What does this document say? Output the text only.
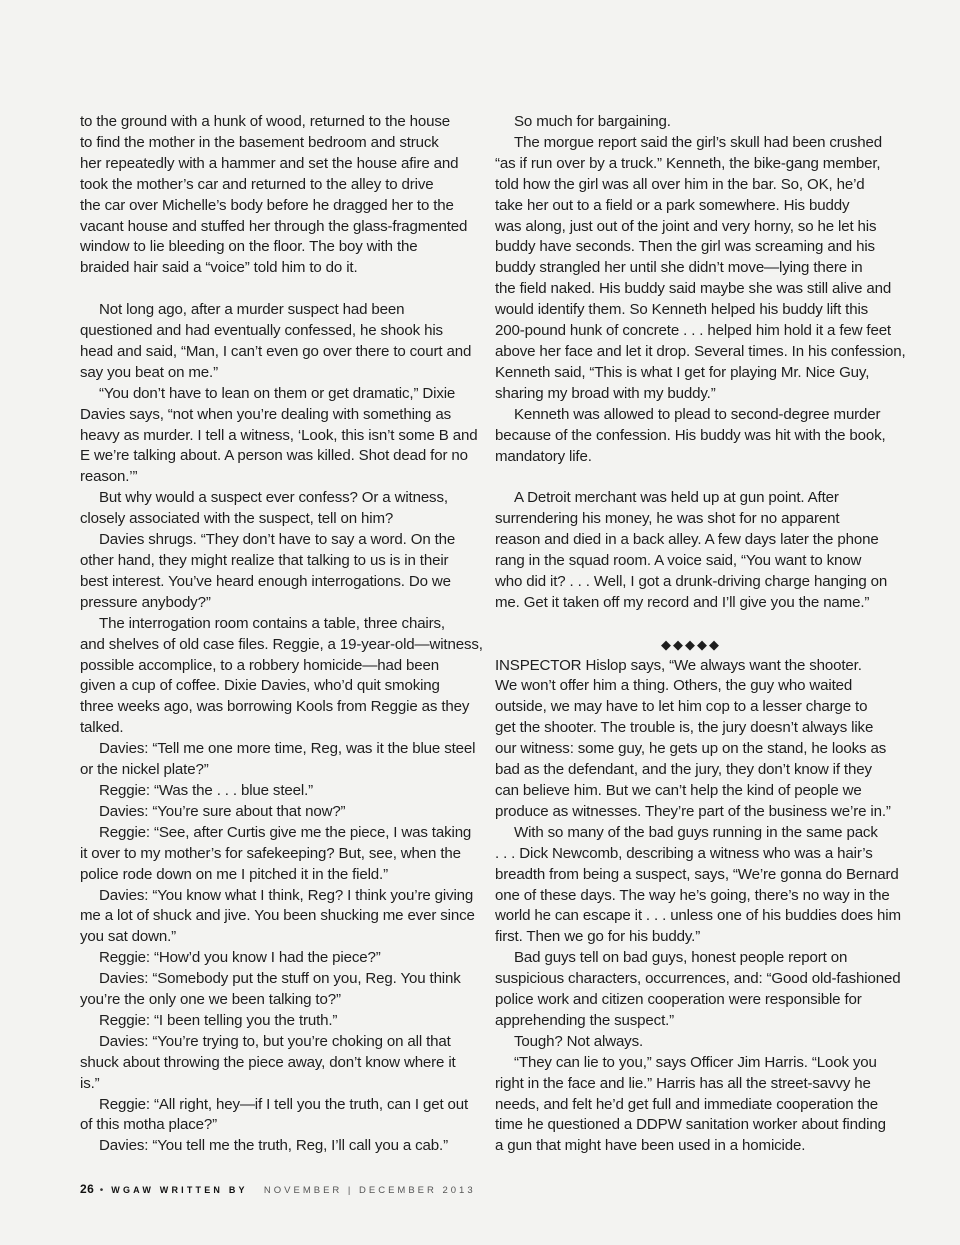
to the ground with a hunk of wood, returned to the house

to find the mother in the basement bedroom and struck

her repeatedly with a hammer and set the house afire and

took the mother’s car and returned to the alley to drive

the car over Michelle’s body before he dragged her to the

vacant house and stuffed her through the glass-fragmented

window to lie bleeding on the floor. The boy with the

braided hair said a “voice” told him to do it.

Not long ago, after a murder suspect had been

questioned and had eventually confessed, he shook his

head and said, “Man, I can’t even go over there to court and

say you beat on me.”

“You don’t have to lean on them or get dramatic,” Dixie

Davies says, “not when you’re dealing with something as

heavy as murder. I tell a witness, ‘Look, this isn’t some B and

E we’re talking about. A person was killed. Shot dead for no

reason.’”

But why would a suspect ever confess? Or a witness,

closely associated with the suspect, tell on him?

Davies shrugs. “They don’t have to say a word. On the

other hand, they might realize that talking to us is in their

best interest. You’ve heard enough interrogations. Do we

pressure anybody?”

The interrogation room contains a table, three chairs,

and shelves of old case files. Reggie, a 19-year-old—witness,

possible accomplice, to a robbery homicide—had been

given a cup of coffee. Dixie Davies, who’d quit smoking

three weeks ago, was borrowing Kools from Reggie as they

talked.

Davies: “Tell me one more time, Reg, was it the blue steel

or the nickel plate?”

Reggie: “Was the . . . blue steel.”

Davies: “You’re sure about that now?”

Reggie: “See, after Curtis give me the piece, I was taking

it over to my mother’s for safekeeping? But, see, when the

police rode down on me I pitched it in the field.”

Davies: “You know what I think, Reg? I think you’re giving

me a lot of shuck and jive. You been shucking me ever since

you sat down.”

Reggie: “How’d you know I had the piece?”

Davies: “Somebody put the stuff on you, Reg. You think

you’re the only one we been talking to?”

Reggie: “I been telling you the truth.”

Davies: “You’re trying to, but you’re choking on all that

shuck about throwing the piece away, don’t know where it

is.”

Reggie: “All right, hey—if I tell you the truth, can I get out

of this motha place?”

Davies: “You tell me the truth, Reg, I’ll call you a cab.”

So much for bargaining.

The morgue report said the girl’s skull had been crushed

“as if run over by a truck.” Kenneth, the bike-gang member,

told how the girl was all over him in the bar. So, OK, he’d

take her out to a field or a park somewhere. His buddy

was along, just out of the joint and very horny, so he let his

buddy have seconds. Then the girl was screaming and his

buddy strangled her until she didn’t move—lying there in

the field naked. His buddy said maybe she was still alive and

would identify them. So Kenneth helped his buddy lift this

200-pound hunk of concrete . . . helped him hold it a few feet

above her face and let it drop. Several times. In his confession,

Kenneth said, “This is what I get for playing Mr. Nice Guy,

sharing my broad with my buddy.”

Kenneth was allowed to plead to second-degree murder

because of the confession. His buddy was hit with the book,

mandatory life.

A Detroit merchant was held up at gun point. After

surrendering his money, he was shot for no apparent

reason and died in a back alley. A few days later the phone

rang in the squad room. A voice said, “You want to know

who did it? . . . Well, I got a drunk-driving charge hanging on

me. Get it taken off my record and I’ll give you the name.”

◆◆◆◆◆

INSPECTOR Hislop says, “We always want the shooter.

We won’t offer him a thing. Others, the guy who waited

outside, we may have to let him cop to a lesser charge to

get the shooter. The trouble is, the jury doesn’t always like

our witness: some guy, he gets up on the stand, he looks as

bad as the defendant, and the jury, they don’t know if they

can believe him. But we can’t help the kind of people we

produce as witnesses. They’re part of the business we’re in.”

With so many of the bad guys running in the same pack

. . . Dick Newcomb, describing a witness who was a hair’s

breadth from being a suspect, says, “We’re gonna do Bernard

one of these days. The way he’s going, there’s no way in the

world he can escape it . . . unless one of his buddies does him

first. Then we go for his buddy.”

Bad guys tell on bad guys, honest people report on

suspicious characters, occurrences, and: “Good old-fashioned

police work and citizen cooperation were responsible for

apprehending the suspect.”

Tough? Not always.

“They can lie to you,” says Officer Jim Harris. “Look you

right in the face and lie.” Harris has all the street-savvy he

needs, and felt he’d get full and immediate cooperation the

time he questioned a DDPW sanitation worker about finding

a gun that might have been used in a homicide.

26 • WGAW WRITTEN BY NOVEMBER | DECEMBER 2013
